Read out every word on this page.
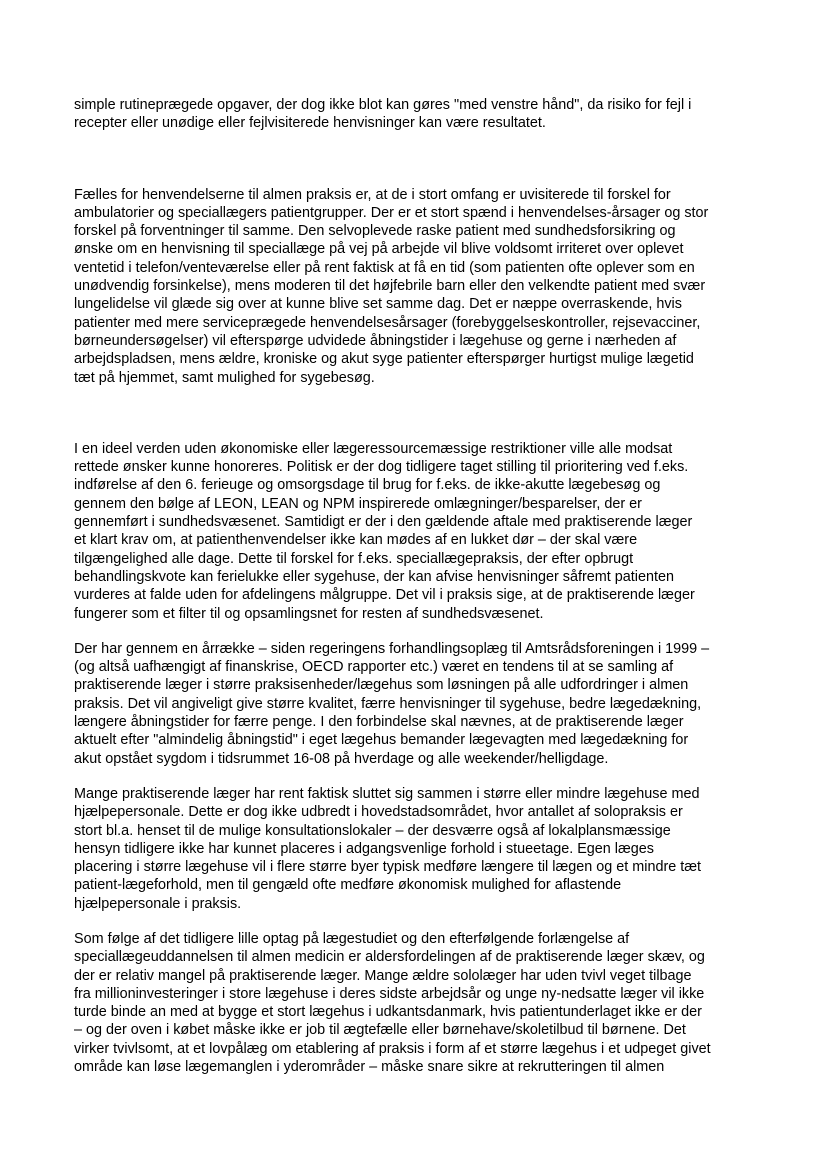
simple rutineprægede opgaver, der dog ikke blot kan gøres "med venstre hånd", da risiko for fejl i
recepter eller unødige eller fejlvisiterede henvisninger kan være resultatet.

Fælles for henvendelserne til almen praksis er, at de i stort omfang er uvisiterede til forskel for
ambulatorier og speciallægers patientgrupper. Der er et stort spænd i henvendelses-årsager og stor
forskel på forventninger til samme. Den selvoplevede raske patient med sundhedsforsikring og
ønske om en henvisning til speciallæge på vej på arbejde vil blive voldsomt irriteret over oplevet
ventetid i telefon/venteværelse eller på rent faktisk at få en tid (som patienten ofte oplever som en
unødvendig forsinkelse), mens moderen til det højfebrile barn eller den velkendte patient med svær
lungelidelse vil glæde sig over at kunne blive set samme dag. Det er næppe overraskende, hvis
patienter med mere serviceprægede henvendelsesårsager (forebyggelseskontroller, rejsevacciner,
børneundersøgelser) vil efterspørge udvidede åbningstider i lægehuse og gerne i nærheden af
arbejdspladsen, mens ældre, kroniske og akut syge patienter efterspørger hurtigst mulige lægetid
tæt på hjemmet, samt mulighed for sygebesøg.

I en ideel verden uden økonomiske eller lægeressourcemæssige restriktioner ville alle modsat
rettede ønsker kunne honoreres. Politisk er der dog tidligere taget stilling til prioritering ved f.eks.
indførelse af den 6. ferieuge og omsorgsdage til brug for f.eks. de ikke-akutte lægebesøg og
gennem den bølge af LEON, LEAN og NPM inspirerede omlægninger/besparelser, der er
gennemført i sundhedsvæsenet. Samtidigt er der i den gældende aftale med praktiserende læger
et klart krav om, at patienthenvendelser ikke kan mødes af en lukket dør – der skal være
tilgængelighed alle dage. Dette til forskel for f.eks. speciallægepraksis, der efter opbrugt
behandlingskvote kan ferielukke eller sygehuse, der kan afvise henvisninger såfremt patienten
vurderes at falde uden for afdelingens målgruppe. Det vil i praksis sige, at de praktiserende læger
fungerer som et filter til og opsamlingsnet for resten af sundhedsvæsenet.

Der har gennem en årrække – siden regeringens forhandlingsoplæg til Amtsrådsforeningen i 1999 –
(og altså uafhængigt af finanskrise, OECD rapporter etc.) været en tendens til at se samling af
praktiserende læger i større praksisenheder/lægehus som løsningen på alle udfordringer i almen
praksis. Det vil angiveligt give større kvalitet, færre henvisninger til sygehuse, bedre lægedækning,
længere åbningstider for færre penge. I den forbindelse skal nævnes, at de praktiserende læger
aktuelt efter "almindelig åbningstid" i eget lægehus bemander lægevagten med lægedækning for
akut opstået sygdom i tidsrummet 16-08 på hverdage og alle weekender/helligdage.

Mange praktiserende læger har rent faktisk sluttet sig sammen i større eller mindre lægehuse med
hjælpepersonale. Dette er dog ikke udbredt i hovedstadsområdet, hvor antallet af solopraksis er
stort bl.a. henset til de mulige konsultationslokaler – der desværre også af lokalplansmæssige
hensyn tidligere ikke har kunnet placeres i adgangsvenlige forhold i stueetage. Egen læges
placering i større lægehuse vil i flere større byer typisk medføre længere til lægen og et mindre tæt
patient-lægeforhold, men til gengæld ofte medføre økonomisk mulighed for aflastende
hjælpepersonale i praksis.

Som følge af det tidligere lille optag på lægestudiet og den efterfølgende forlængelse af
speciallægeuddannelsen til almen medicin er aldersfordelingen af de praktiserende læger skæv, og
der er relativ mangel på praktiserende læger. Mange ældre sololæger har uden tvivl veget tilbage
fra millioninvesteringer i store lægehuse i deres sidste arbejdsår og unge ny-nedsatte læger vil ikke
turde binde an med at bygge et stort lægehus i udkantsdanmark, hvis patientunderlaget ikke er der
– og der oven i købet måske ikke er job til ægtefælle eller børnehave/skoletilbud til børnene. Det
virker tvivlsomt, at et lovpålæg om etablering af praksis i form af et større lægehus i et udpeget givet
område kan løse lægemanglen i yderområder – måske snare sikre at rekrutteringen til almen
